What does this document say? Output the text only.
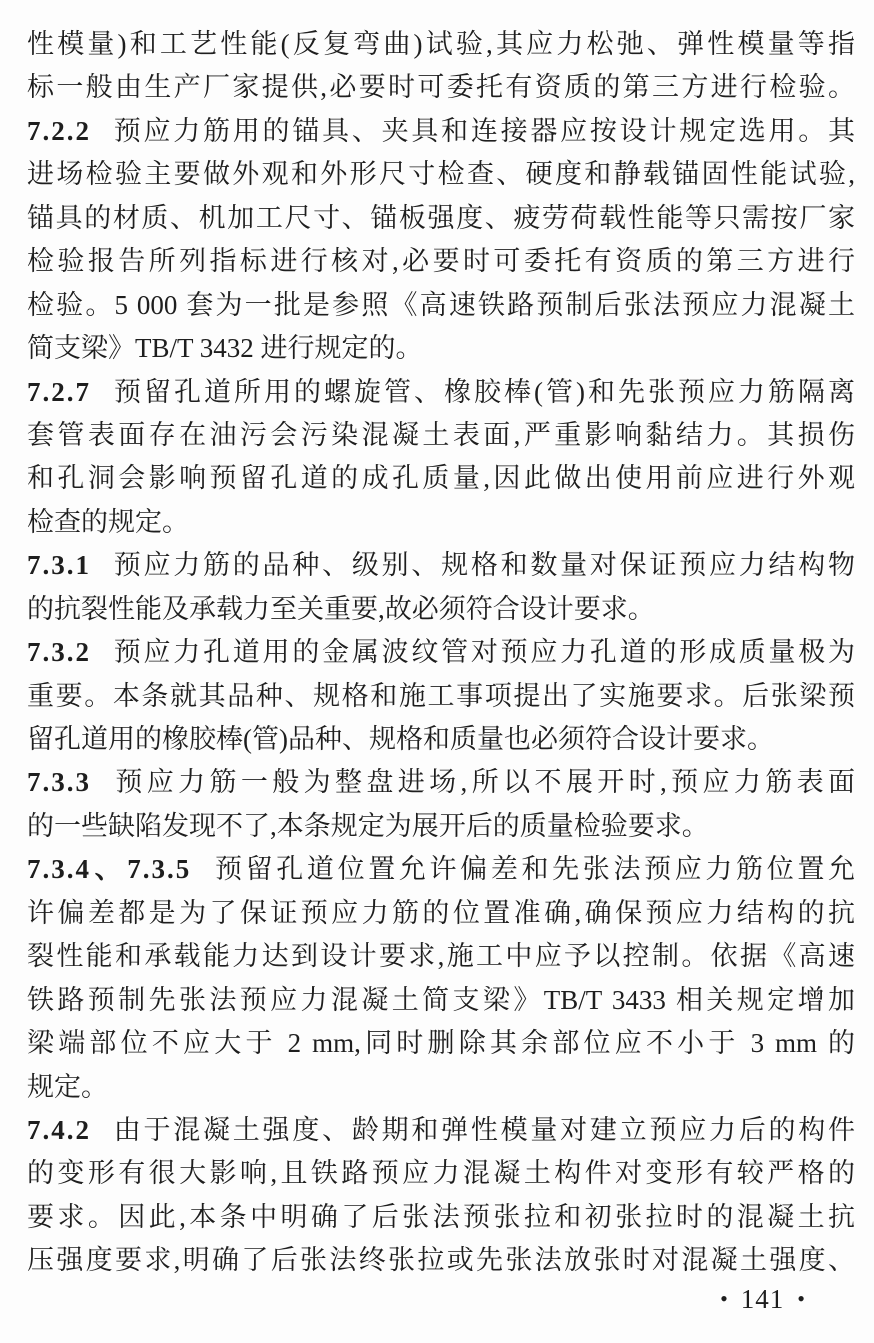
性模量)和工艺性能(反复弯曲)试验,其应力松弛、弹性模量等指
标一般由生产厂家提供,必要时可委托有资质的第三方进行检验。
7.2.2 预应力筋用的锚具、夹具和连接器应按设计规定选用。其
进场检验主要做外观和外形尺寸检查、硬度和静载锚固性能试验,
锚具的材质、机加工尺寸、锚板强度、疲劳荷载性能等只需按厂家
检验报告所列指标进行核对,必要时可委托有资质的第三方进行
检验。5 000 套为一批是参照《高速铁路预制后张法预应力混凝土
简支梁》TB/T 3432 进行规定的。
7.2.7 预留孔道所用的螺旋管、橡胶棒(管)和先张预应力筋隔离
套管表面存在油污会污染混凝土表面,严重影响黏结力。其损伤
和孔洞会影响预留孔道的成孔质量,因此做出使用前应进行外观
检查的规定。
7.3.1 预应力筋的品种、级别、规格和数量对保证预应力结构物
的抗裂性能及承载力至关重要,故必须符合设计要求。
7.3.2 预应力孔道用的金属波纹管对预应力孔道的形成质量极为
重要。本条就其品种、规格和施工事项提出了实施要求。后张梁预
留孔道用的橡胶棒(管)品种、规格和质量也必须符合设计要求。
7.3.3 预应力筋一般为整盘进场,所以不展开时,预应力筋表面
的一些缺陷发现不了,本条规定为展开后的质量检验要求。
7.3.4、7.3.5 预留孔道位置允许偏差和先张法预应力筋位置允
许偏差都是为了保证预应力筋的位置准确,确保预应力结构的抗
裂性能和承载能力达到设计要求,施工中应予以控制。依据《高速
铁路预制先张法预应力混凝土简支梁》TB/T 3433 相关规定增加
梁端部位不应大于 2 mm,同时删除其余部位应不小于 3 mm 的
规定。
7.4.2 由于混凝土强度、龄期和弹性模量对建立预应力后的构件
的变形有很大影响,且铁路预应力混凝土构件对变形有较严格的
要求。因此,本条中明确了后张法预张拉和初张拉时的混凝土抗
压强度要求,明确了后张法终张拉或先张法放张时对混凝土强度、
• 141 •
